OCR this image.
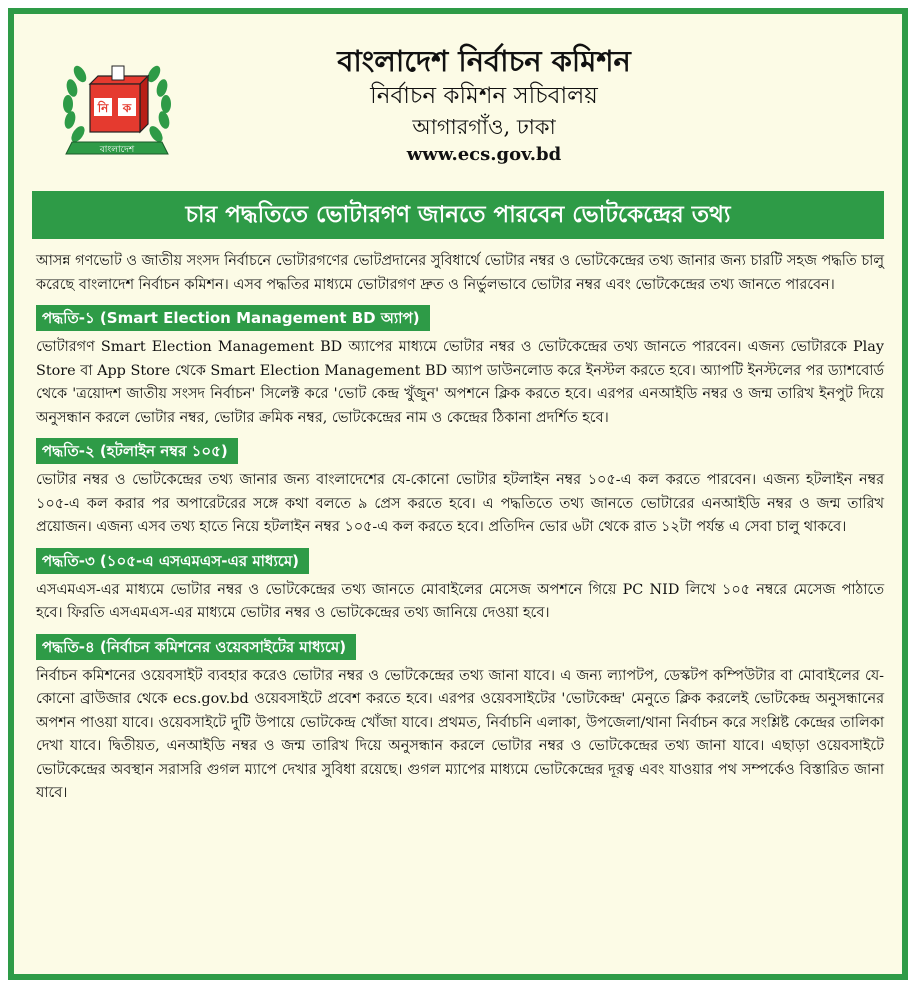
নি ক
বাংলাদেশ
বাংলাদেশ নির্বাচন কমিশন
নির্বাচন কমিশন সচিবালয়
আগারগাঁও, ঢাকা
www.ecs.gov.bd
চার পদ্ধতিতে ভোটারগণ জানতে পারবেন ভোটকেন্দ্রের তথ্য

আসন্ন গণভোট ও জাতীয় সংসদ নির্বাচনে ভোটারগণের ভোটপ্রদানের সুবিধার্থে ভোটার নম্বর ও ভোটকেন্দ্রের তথ্য জানার জন্য চারটি সহজ পদ্ধতি চালু করেছে বাংলাদেশ নির্বাচন কমিশন। এসব পদ্ধতির মাধ্যমে ভোটারগণ দ্রুত ও নির্ভুলভাবে ভোটার নম্বর এবং ভোটকেন্দ্রের তথ্য জানতে পারবেন।

পদ্ধতি-১ (Smart Election Management BD অ্যাপ)

ভোটারগণ Smart Election Management BD অ্যাপের মাধ্যমে ভোটার নম্বর ও ভোটকেন্দ্রের তথ্য জানতে পারবেন। এজন্য ভোটারকে Play Store বা App Store থেকে Smart Election Management BD অ্যাপ ডাউনলোড করে ইনস্টল করতে হবে। অ্যাপটি ইনস্টলের পর ড্যাশবোর্ড থেকে 'ত্রয়োদশ জাতীয় সংসদ নির্বাচন' সিলেক্ট করে 'ভোট কেন্দ্র খুঁজুন' অপশনে ক্লিক করতে হবে। এরপর এনআইডি নম্বর ও জন্ম তারিখ ইনপুট দিয়ে অনুসন্ধান করলে ভোটার নম্বর, ভোটার ক্রমিক নম্বর, ভোটকেন্দ্রের নাম ও কেন্দ্রের ঠিকানা প্রদর্শিত হবে।

পদ্ধতি-২ (হটলাইন নম্বর ১০৫)

ভোটার নম্বর ও ভোটকেন্দ্রের তথ্য জানার জন্য বাংলাদেশের যে-কোনো ভোটার হটলাইন নম্বর ১০৫-এ কল করতে পারবেন। এজন্য হটলাইন নম্বর ১০৫-এ কল করার পর অপারেটরের সঙ্গে কথা বলতে ৯ প্রেস করতে হবে। এ পদ্ধতিতে তথ্য জানতে ভোটারের এনআইডি নম্বর ও জন্ম তারিখ প্রয়োজন। এজন্য এসব তথ্য হাতে নিয়ে হটলাইন নম্বর ১০৫-এ কল করতে হবে। প্রতিদিন ভোর ৬টা থেকে রাত ১২টা পর্যন্ত এ সেবা চালু থাকবে।

পদ্ধতি-৩ (১০৫-এ এসএমএস-এর মাধ্যমে)

এসএমএস-এর মাধ্যমে ভোটার নম্বর ও ভোটকেন্দ্রের তথ্য জানতে মোবাইলের মেসেজ অপশনে গিয়ে PC NID লিখে ১০৫ নম্বরে মেসেজ পাঠাতে হবে। ফিরতি এসএমএস-এর মাধ্যমে ভোটার নম্বর ও ভোটকেন্দ্রের তথ্য জানিয়ে দেওয়া হবে।

পদ্ধতি-৪ (নির্বাচন কমিশনের ওয়েবসাইটের মাধ্যমে)

নির্বাচন কমিশনের ওয়েবসাইট ব্যবহার করেও ভোটার নম্বর ও ভোটকেন্দ্রের তথ্য জানা যাবে। এ জন্য ল্যাপটপ, ডেস্কটপ কম্পিউটার বা মোবাইলের যে-কোনো ব্রাউজার থেকে ecs.gov.bd ওয়েবসাইটে প্রবেশ করতে হবে। এরপর ওয়েবসাইটের 'ভোটকেন্দ্র' মেনুতে ক্লিক করলেই ভোটকেন্দ্র অনুসন্ধানের অপশন পাওয়া যাবে। ওয়েবসাইটে দুটি উপায়ে ভোটকেন্দ্র খোঁজা যাবে। প্রথমত, নির্বাচনি এলাকা, উপজেলা/থানা নির্বাচন করে সংশ্লিষ্ট কেন্দ্রের তালিকা দেখা যাবে। দ্বিতীয়ত, এনআইডি নম্বর ও জন্ম তারিখ দিয়ে অনুসন্ধান করলে ভোটার নম্বর ও ভোটকেন্দ্রের তথ্য জানা যাবে। এছাড়া ওয়েবসাইটে ভোটকেন্দ্রের অবস্থান সরাসরি গুগল ম্যাপে দেখার সুবিধা রয়েছে। গুগল ম্যাপের মাধ্যমে ভোটকেন্দ্রের দূরত্ব এবং যাওয়ার পথ সম্পর্কেও বিস্তারিত জানা যাবে।
